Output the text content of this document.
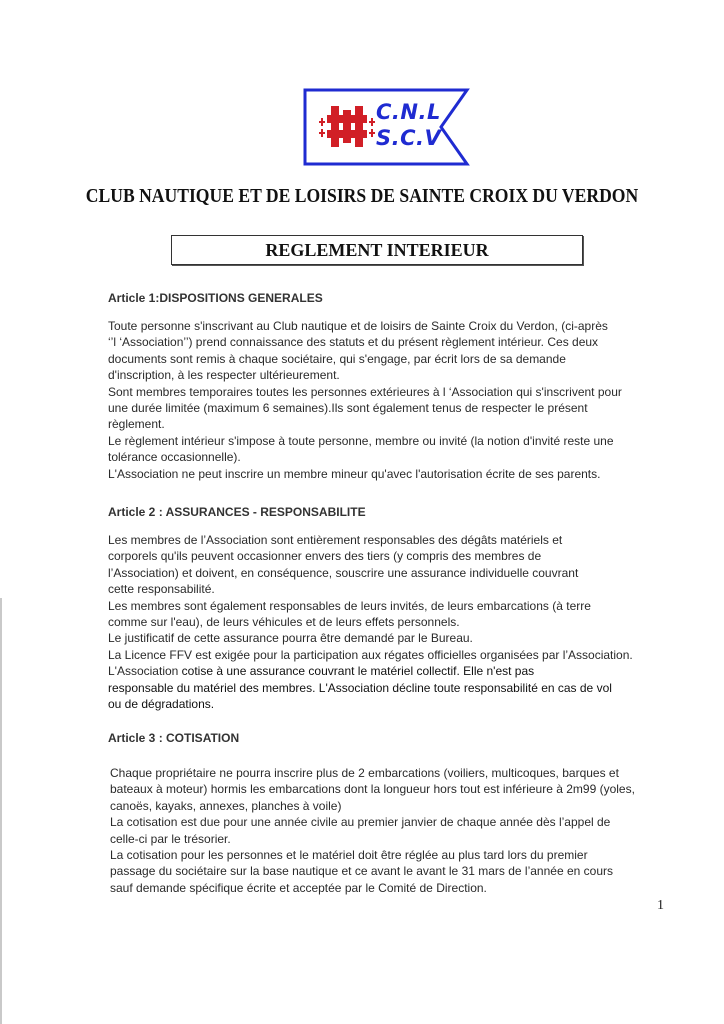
C.N.L
S.C.V
CLUB NAUTIQUE ET DE LOISIRS DE SAINTE CROIX DU VERDON
REGLEMENT INTERIEUR
Article 1:DISPOSITIONS GENERALES
Toute personne s'inscrivant au Club nautique et de loisirs de Sainte Croix du Verdon, (ci-après
‘’l ‘Association’’) prend connaissance des statuts et du présent règlement intérieur. Ces deux
documents sont remis à chaque sociétaire, qui s'engage, par écrit lors de sa demande
d'inscription, à les respecter ultérieurement.
Sont membres temporaires toutes les personnes extérieures à l ‘Association qui s'inscrivent pour
une durée limitée (maximum 6 semaines).Ils sont également tenus de respecter le présent
règlement.
Le règlement intérieur s'impose à toute personne, membre ou invité (la notion d'invité reste une
tolérance occasionnelle).
L'Association ne peut inscrire un membre mineur qu'avec l'autorisation écrite de ses parents.
Article 2 : ASSURANCES - RESPONSABILITE
Les membres de l’Association sont entièrement responsables des dégâts matériels et
corporels qu'ils peuvent occasionner envers des tiers (y compris des membres de
l’Association) et doivent, en conséquence, souscrire une assurance individuelle couvrant
cette responsabilité.
Les membres sont également responsables de leurs invités, de leurs embarcations (à terre
comme sur l'eau), de leurs véhicules et de leurs effets personnels.
Le justificatif de cette assurance pourra être demandé par le Bureau.
La Licence FFV est exigée pour la participation aux régates officielles organisées par l’Association.
L'Association cotise à une assurance couvrant le matériel collectif. Elle n'est pas
responsable du matériel des membres. L'Association décline toute responsabilité en cas de vol
ou de dégradations.
Article 3 : COTISATION
Chaque propriétaire ne pourra inscrire plus de 2 embarcations (voiliers, multicoques, barques et
bateaux à moteur) hormis les embarcations dont la longueur hors tout est inférieure à 2m99 (yoles,
canoës, kayaks, annexes, planches à voile)
La cotisation est due pour une année civile au premier janvier de chaque année dès l’appel de
celle-ci par le trésorier.
La cotisation pour les personnes et le matériel doit être réglée au plus tard lors du premier
passage du sociétaire sur la base nautique et ce avant le avant le 31 mars de l’année en cours
sauf demande spécifique écrite et acceptée par le Comité de Direction.
1
